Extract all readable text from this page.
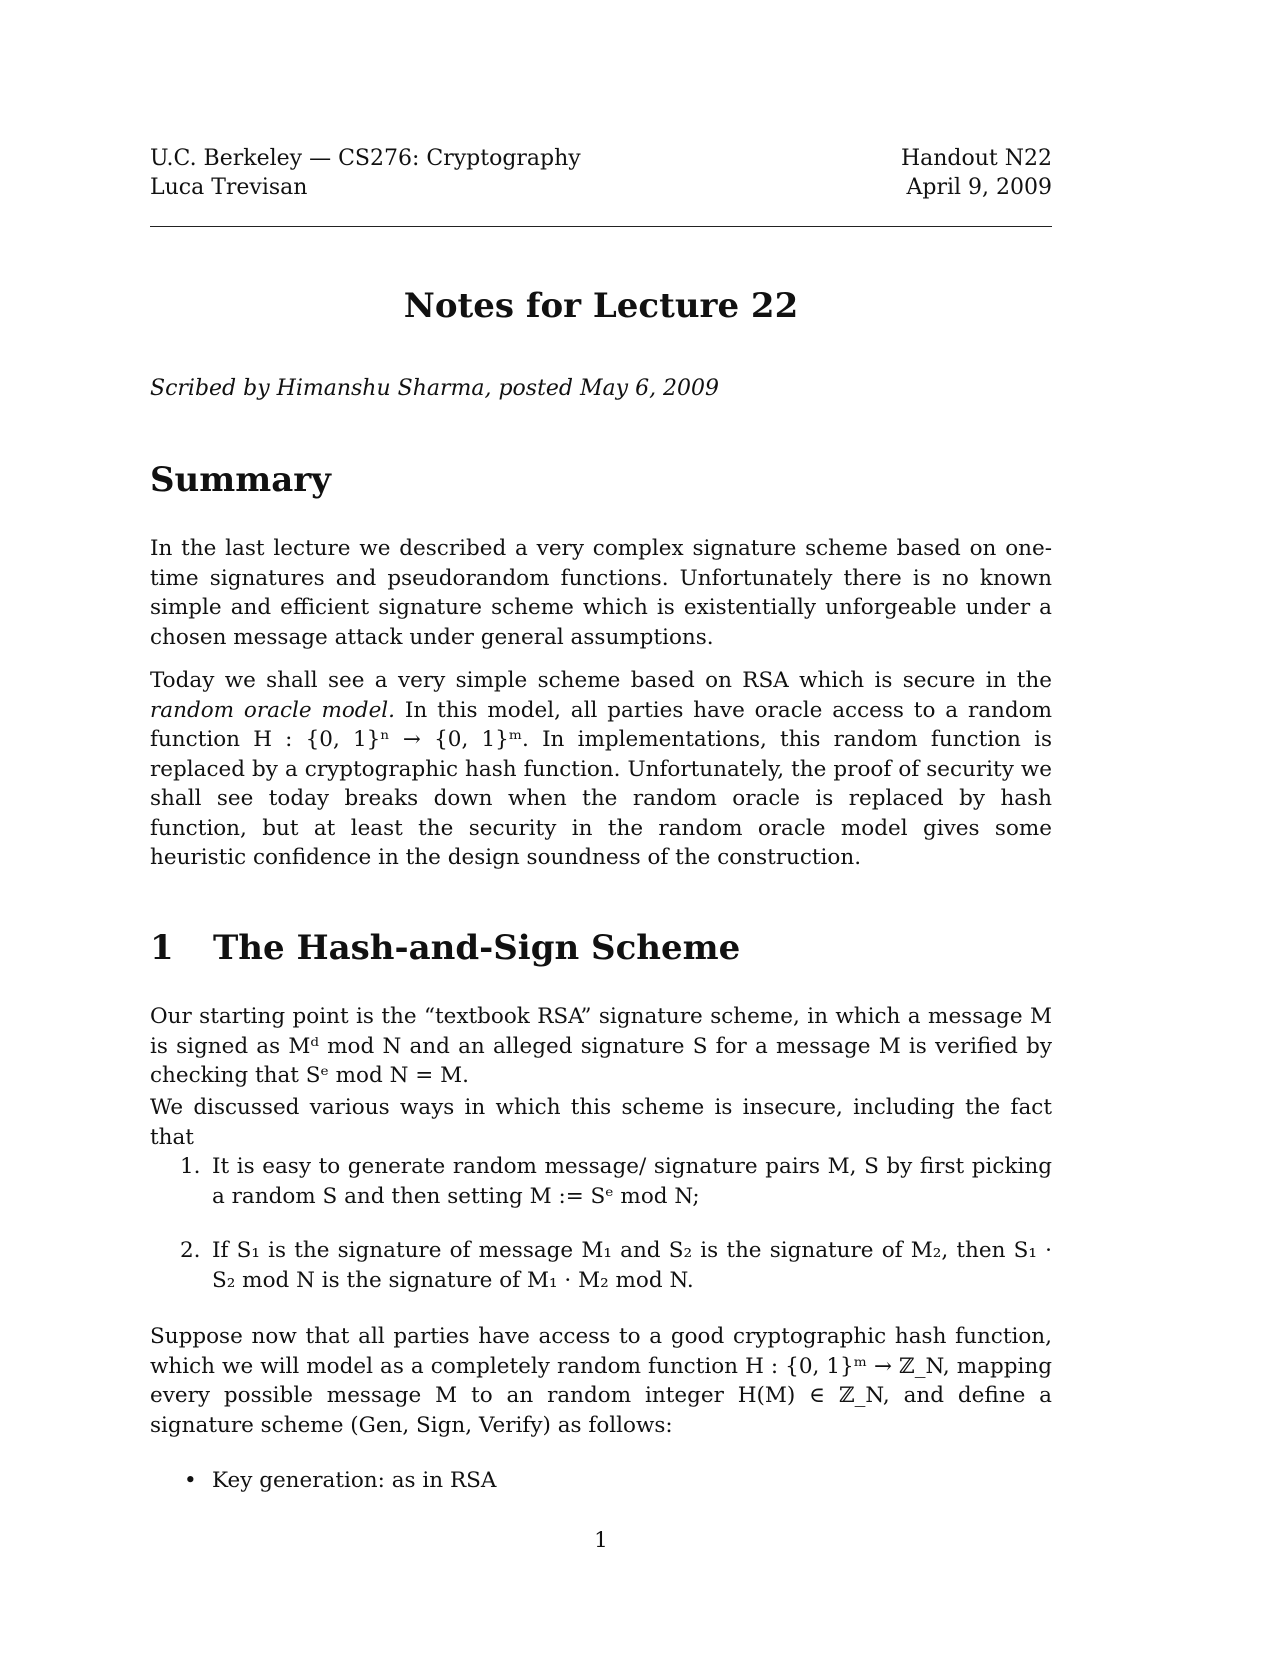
U.C. Berkeley — CS276: Cryptography
Luca Trevisan
Handout N22
April 9, 2009
Notes for Lecture 22
Scribed by Himanshu Sharma, posted May 6, 2009
Summary
In the last lecture we described a very complex signature scheme based on one-time signatures and pseudorandom functions. Unfortunately there is no known simple and efficient signature scheme which is existentially unforgeable under a chosen message attack under general assumptions.
Today we shall see a very simple scheme based on RSA which is secure in the random oracle model. In this model, all parties have oracle access to a random function H : {0, 1}ⁿ → {0, 1}ᵐ. In implementations, this random function is replaced by a cryptographic hash function. Unfortunately, the proof of security we shall see today breaks down when the random oracle is replaced by hash function, but at least the security in the random oracle model gives some heuristic confidence in the design soundness of the construction.
1 The Hash-and-Sign Scheme
Our starting point is the “textbook RSA” signature scheme, in which a message M is signed as Mᵈ mod N and an alleged signature S for a message M is verified by checking that Sᵉ mod N = M.
We discussed various ways in which this scheme is insecure, including the fact that
1. It is easy to generate random message/ signature pairs M, S by first picking a random S and then setting M := Sᵉ mod N;
2. If S₁ is the signature of message M₁ and S₂ is the signature of M₂, then S₁ · S₂ mod N is the signature of M₁ · M₂ mod N.
Suppose now that all parties have access to a good cryptographic hash function, which we will model as a completely random function H : {0, 1}ᵐ → ℤ_N, mapping every possible message M to an random integer H(M) ∈ ℤ_N, and define a signature scheme (Gen, Sign, Verify) as follows:
• Key generation: as in RSA
1
